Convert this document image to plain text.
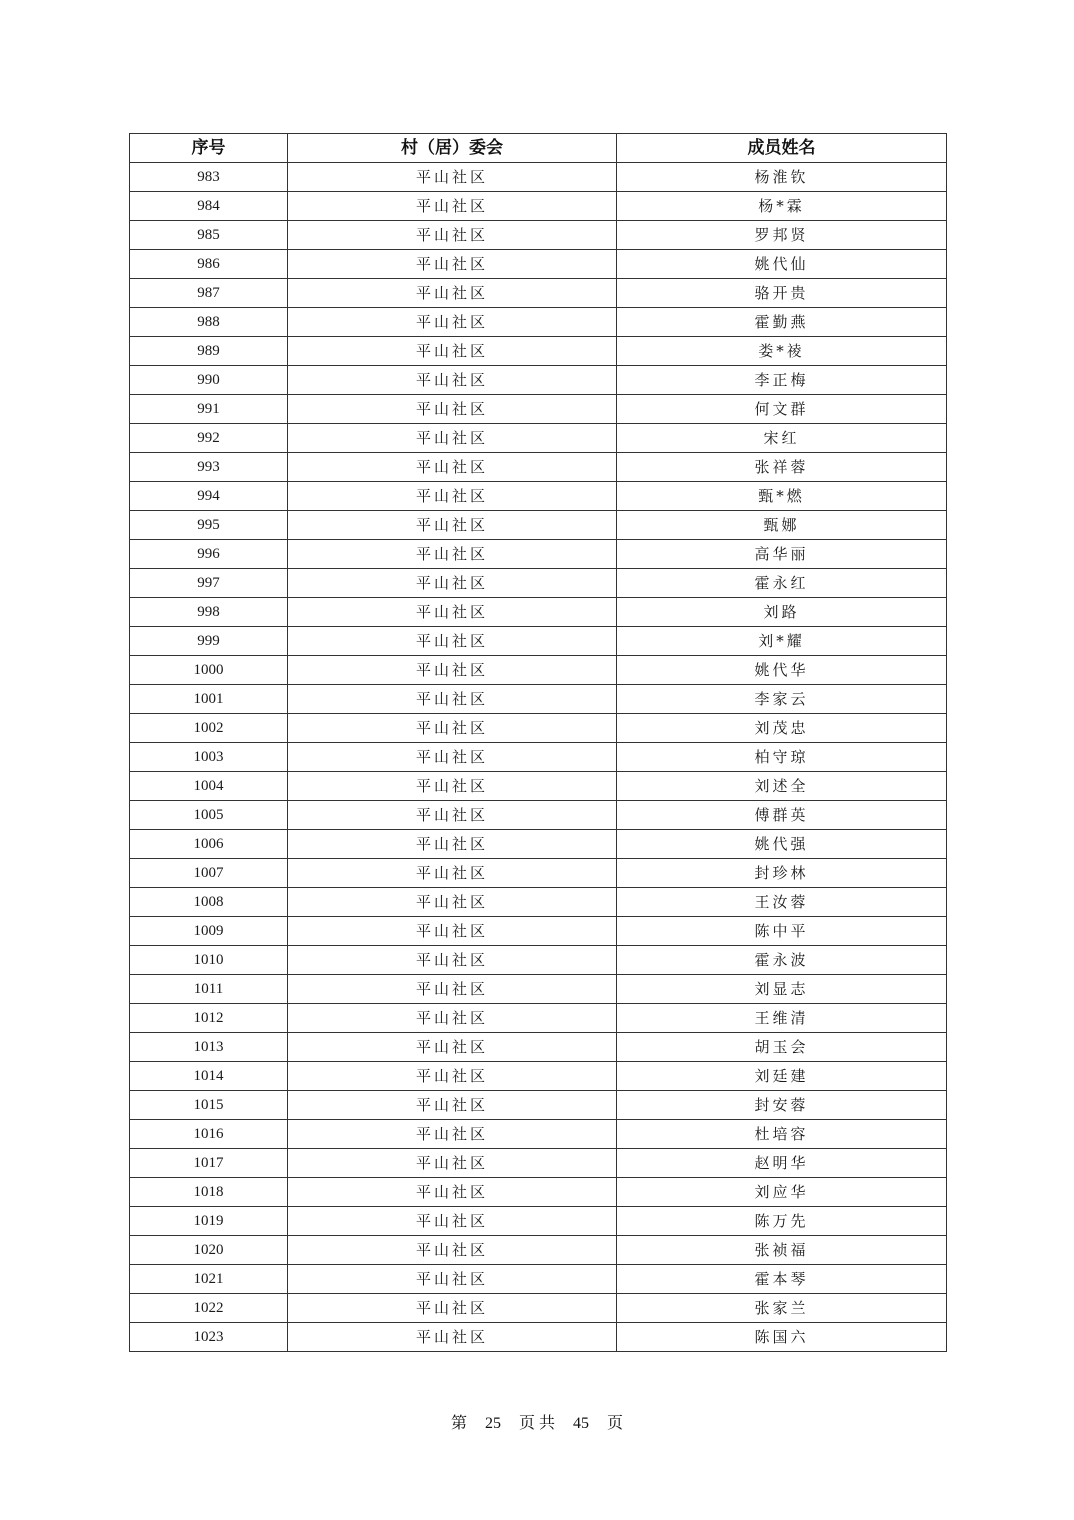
序号	村（居）委会	成员姓名
983	平山社区	杨淮钦
984	平山社区	杨*霖
985	平山社区	罗邦贤
986	平山社区	姚代仙
987	平山社区	骆开贵
988	平山社区	霍勤燕
989	平山社区	娄*祾
990	平山社区	李正梅
991	平山社区	何文群
992	平山社区	宋红
993	平山社区	张祥蓉
994	平山社区	甄*燃
995	平山社区	甄娜
996	平山社区	高华丽
997	平山社区	霍永红
998	平山社区	刘路
999	平山社区	刘*耀
1000	平山社区	姚代华
1001	平山社区	李家云
1002	平山社区	刘茂忠
1003	平山社区	柏守琼
1004	平山社区	刘述全
1005	平山社区	傅群英
1006	平山社区	姚代强
1007	平山社区	封珍林
1008	平山社区	王汝蓉
1009	平山社区	陈中平
1010	平山社区	霍永波
1011	平山社区	刘显志
1012	平山社区	王维清
1013	平山社区	胡玉会
1014	平山社区	刘廷建
1015	平山社区	封安蓉
1016	平山社区	杜培容
1017	平山社区	赵明华
1018	平山社区	刘应华
1019	平山社区	陈万先
1020	平山社区	张祯福
1021	平山社区	霍本琴
1022	平山社区	张家兰
1023	平山社区	陈国六
第 25 页 共 45 页
